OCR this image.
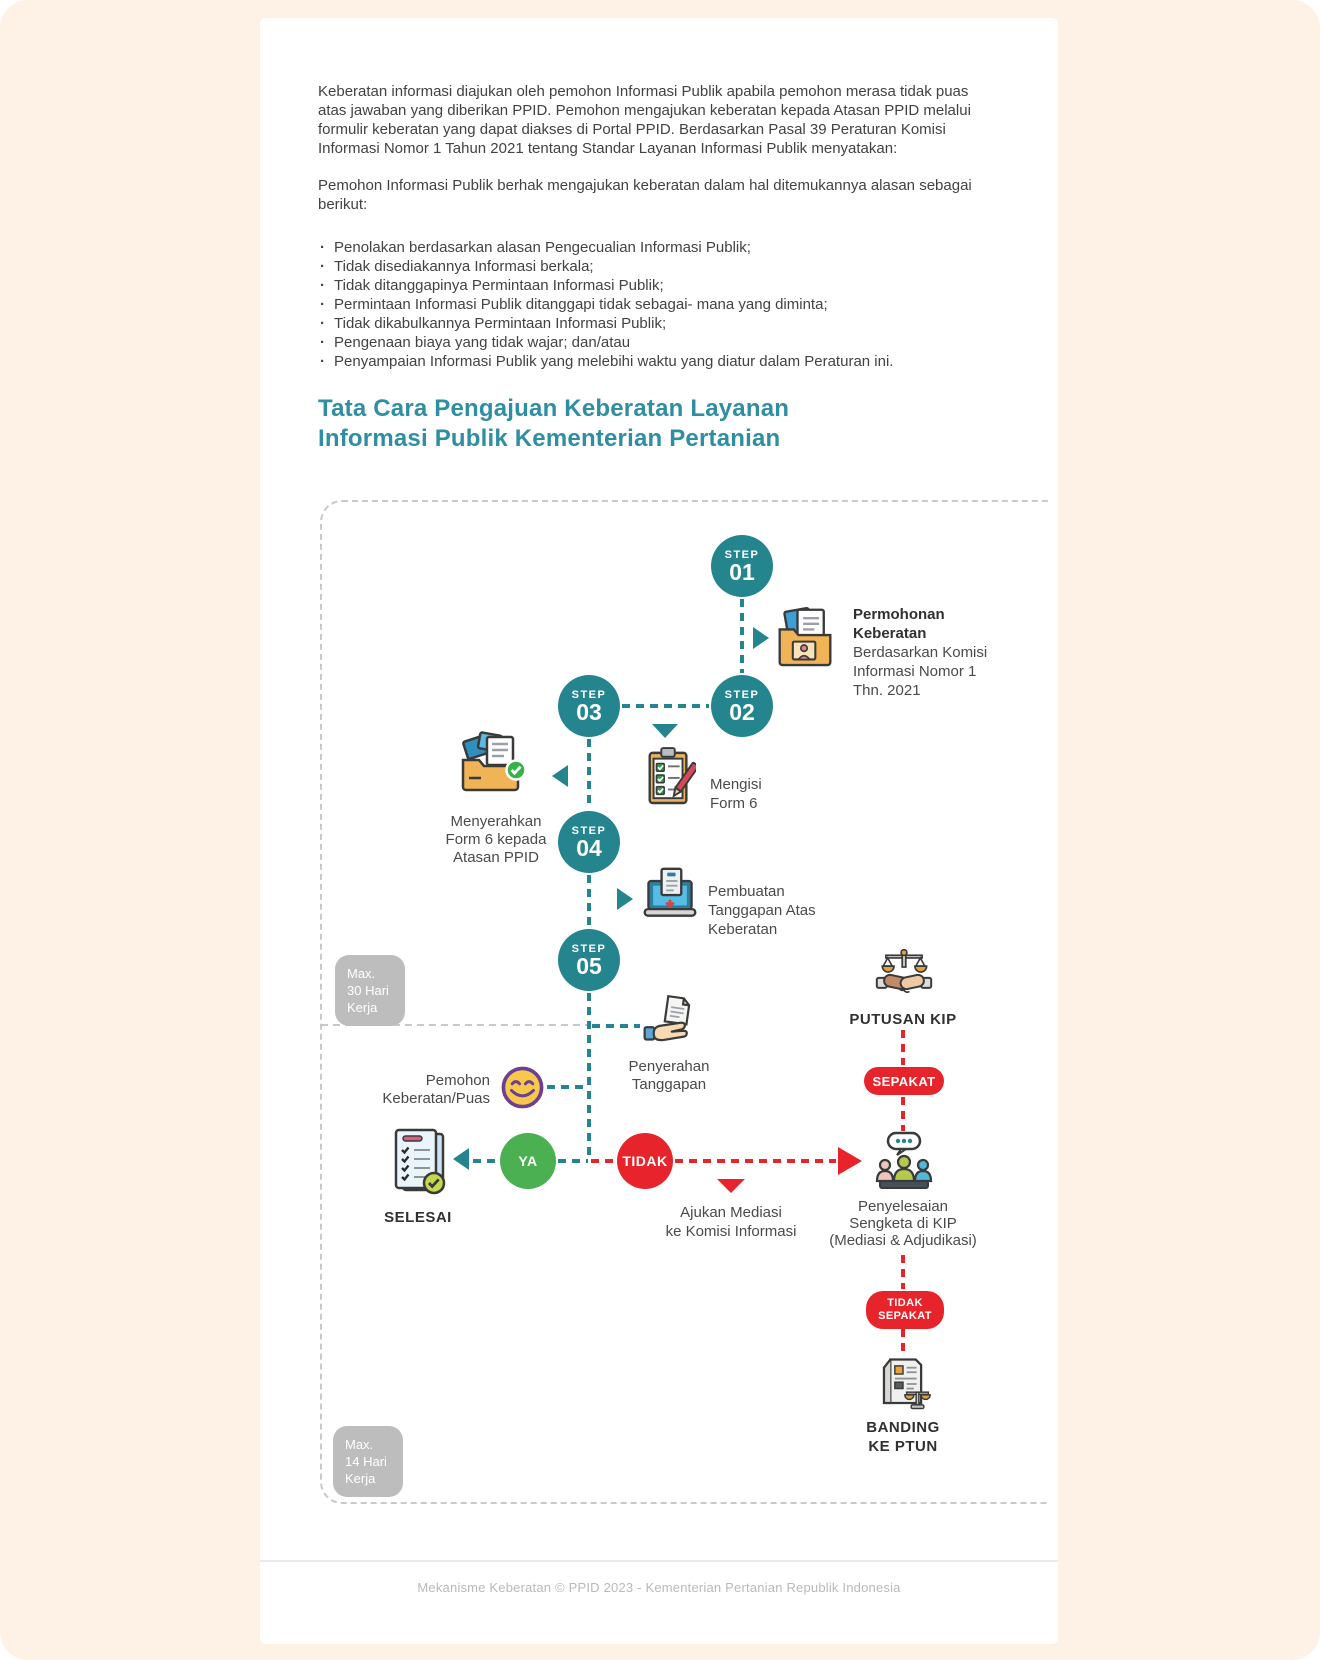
Keberatan informasi diajukan oleh pemohon Informasi Publik apabila pemohon merasa tidak puas atas jawaban yang diberikan PPID. Pemohon mengajukan keberatan kepada Atasan PPID melalui formulir keberatan yang dapat diakses di Portal PPID. Berdasarkan Pasal 39 Peraturan Komisi Informasi Nomor 1 Tahun 2021 tentang Standar Layanan Informasi Publik menyatakan:
Pemohon Informasi Publik berhak mengajukan keberatan dalam hal ditemukannya alasan sebagai berikut:
· Penolakan berdasarkan alasan Pengecualian Informasi Publik;
· Tidak disediakannya Informasi berkala;
· Tidak ditanggapinya Permintaan Informasi Publik;
· Permintaan Informasi Publik ditanggapi tidak sebagai- mana yang diminta;
· Tidak dikabulkannya Permintaan Informasi Publik;
· Pengenaan biaya yang tidak wajar; dan/atau
· Penyampaian Informasi Publik yang melebihi waktu yang diatur dalam Peraturan ini.
Tata Cara Pengajuan Keberatan Layanan
Informasi Publik Kementerian Pertanian
Max.
30 Hari
Kerja
Max.
14 Hari
Kerja
STEP
01
STEP
02
STEP
03
STEP
04
STEP
05
YA	TIDAK
SEPAKAT
TIDAK
SEPAKAT
Permohonan
Keberatan
Berdasarkan Komisi
Informasi Nomor 1
Thn. 2021
Mengisi
Form 6
Menyerahkan
Form 6 kepada
Atasan PPID
Pembuatan
Tanggapan Atas
Keberatan
Penyerahan
Tanggapan
Pemohon
Keberatan/Puas
SELESAI	Ajukan Mediasi
ke Komisi Informasi
PUTUSAN KIP
Penyelesaian
Sengketa di KIP
(Mediasi & Adjudikasi)
BANDING
KE PTUN
Mekanisme Keberatan © PPID 2023 - Kementerian Pertanian Republik Indonesia
